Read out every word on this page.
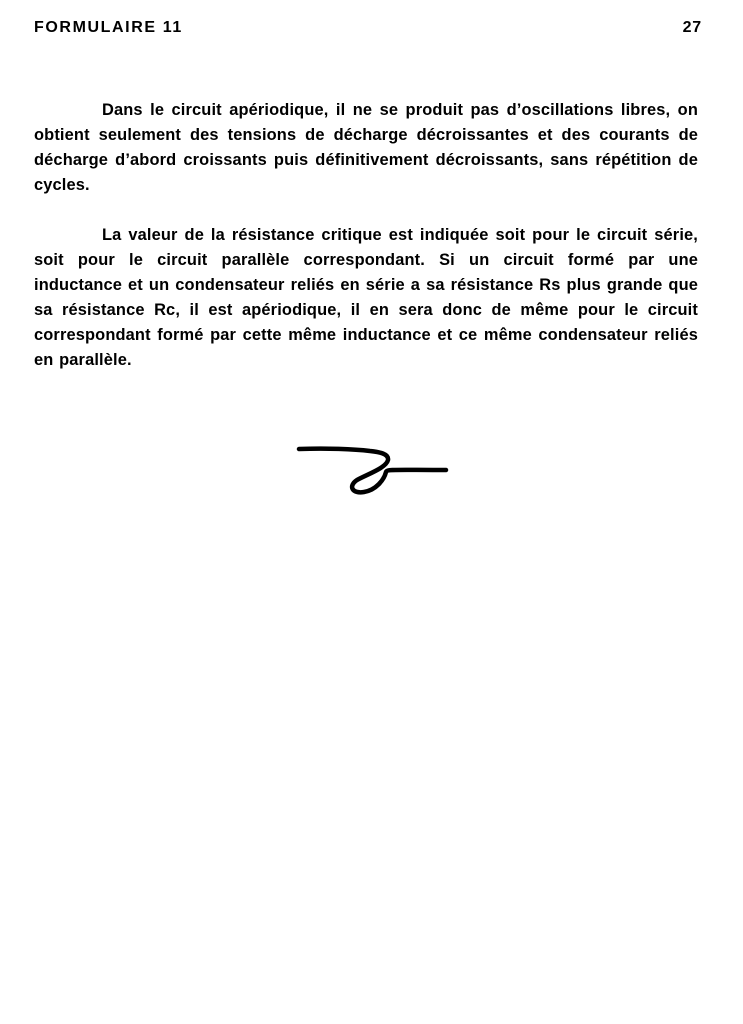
FORMULAIRE 11	27

Dans le circuit apériodique, il ne se produit pas d’oscillations libres, on obtient seulement des tensions de décharge décroissantes et des courants de décharge d’abord croissants puis définitivement décroissants, sans répétition de cycles.

La valeur de la résistance critique est indiquée soit pour le circuit série, soit pour le circuit parallèle correspondant. Si un circuit formé par une inductance et un condensateur reliés en série a sa résistance Rs plus grande que sa résistance Rc, il est apériodique, il en sera donc de même pour le circuit correspondant formé par cette même inductance et ce même condensateur reliés en parallèle.
